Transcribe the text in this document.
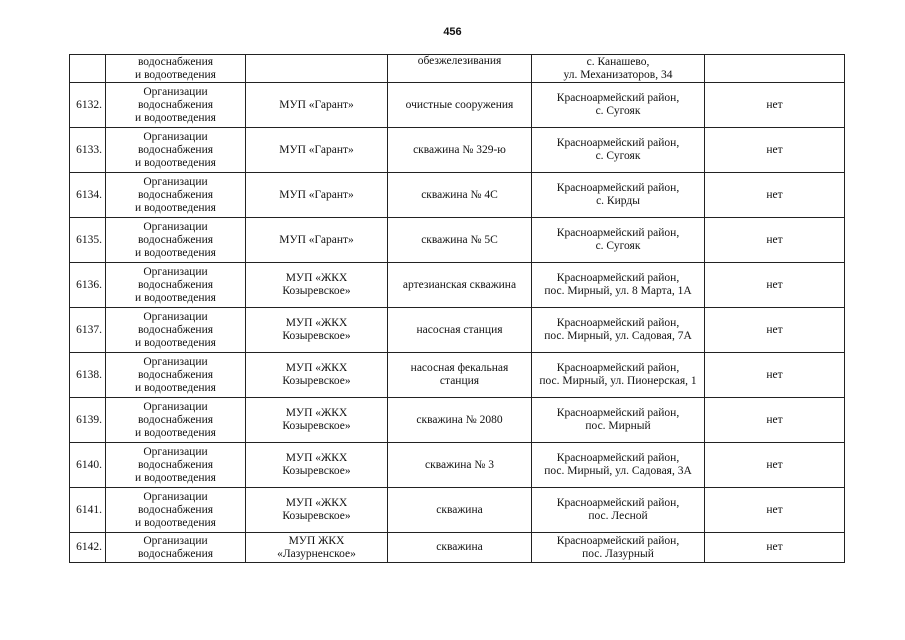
456

	водоснабжения
и водоотведения		обезжелезивания	с. Канашево,
ул. Механизаторов, 34	

6132.	Организации
водоснабжения
и водоотведения	МУП «Гарант»	очистные сооружения	Красноармейский район,
с. Сугояк	нет

6133.	Организации
водоснабжения
и водоотведения	МУП «Гарант»	скважина № 329-ю	Красноармейский район,
с. Сугояк	нет

6134.	Организации
водоснабжения
и водоотведения	МУП «Гарант»	скважина № 4С	Красноармейский район,
с. Кирды	нет

6135.	Организации
водоснабжения
и водоотведения	МУП «Гарант»	скважина № 5С	Красноармейский район,
с. Сугояк	нет

6136.	Организации
водоснабжения
и водоотведения	МУП «ЖКХ
Козыревское»	артезианская скважина	Красноармейский район,
пос. Мирный, ул. 8 Марта, 1А	нет

6137.	Организации
водоснабжения
и водоотведения	МУП «ЖКХ
Козыревское»	насосная станция	Красноармейский район,
пос. Мирный, ул. Садовая, 7А	нет

6138.	Организации
водоснабжения
и водоотведения	МУП «ЖКХ
Козыревское»	насосная фекальная
станция	Красноармейский район,
пос. Мирный, ул. Пионерская, 1	нет

6139.	Организации
водоснабжения
и водоотведения	МУП «ЖКХ
Козыревское»	скважина № 2080	Красноармейский район,
пос. Мирный	нет

6140.	Организации
водоснабжения
и водоотведения	МУП «ЖКХ
Козыревское»	скважина № 3	Красноармейский район,
пос. Мирный, ул. Садовая, 3А	нет

6141.	Организации
водоснабжения
и водоотведения	МУП «ЖКХ
Козыревское»	скважина	Красноармейский район,
пос. Лесной	нет

6142.	Организации
водоснабжения	МУП ЖКХ
«Лазурненское»	скважина	Красноармейский район,
пос. Лазурный	нет
